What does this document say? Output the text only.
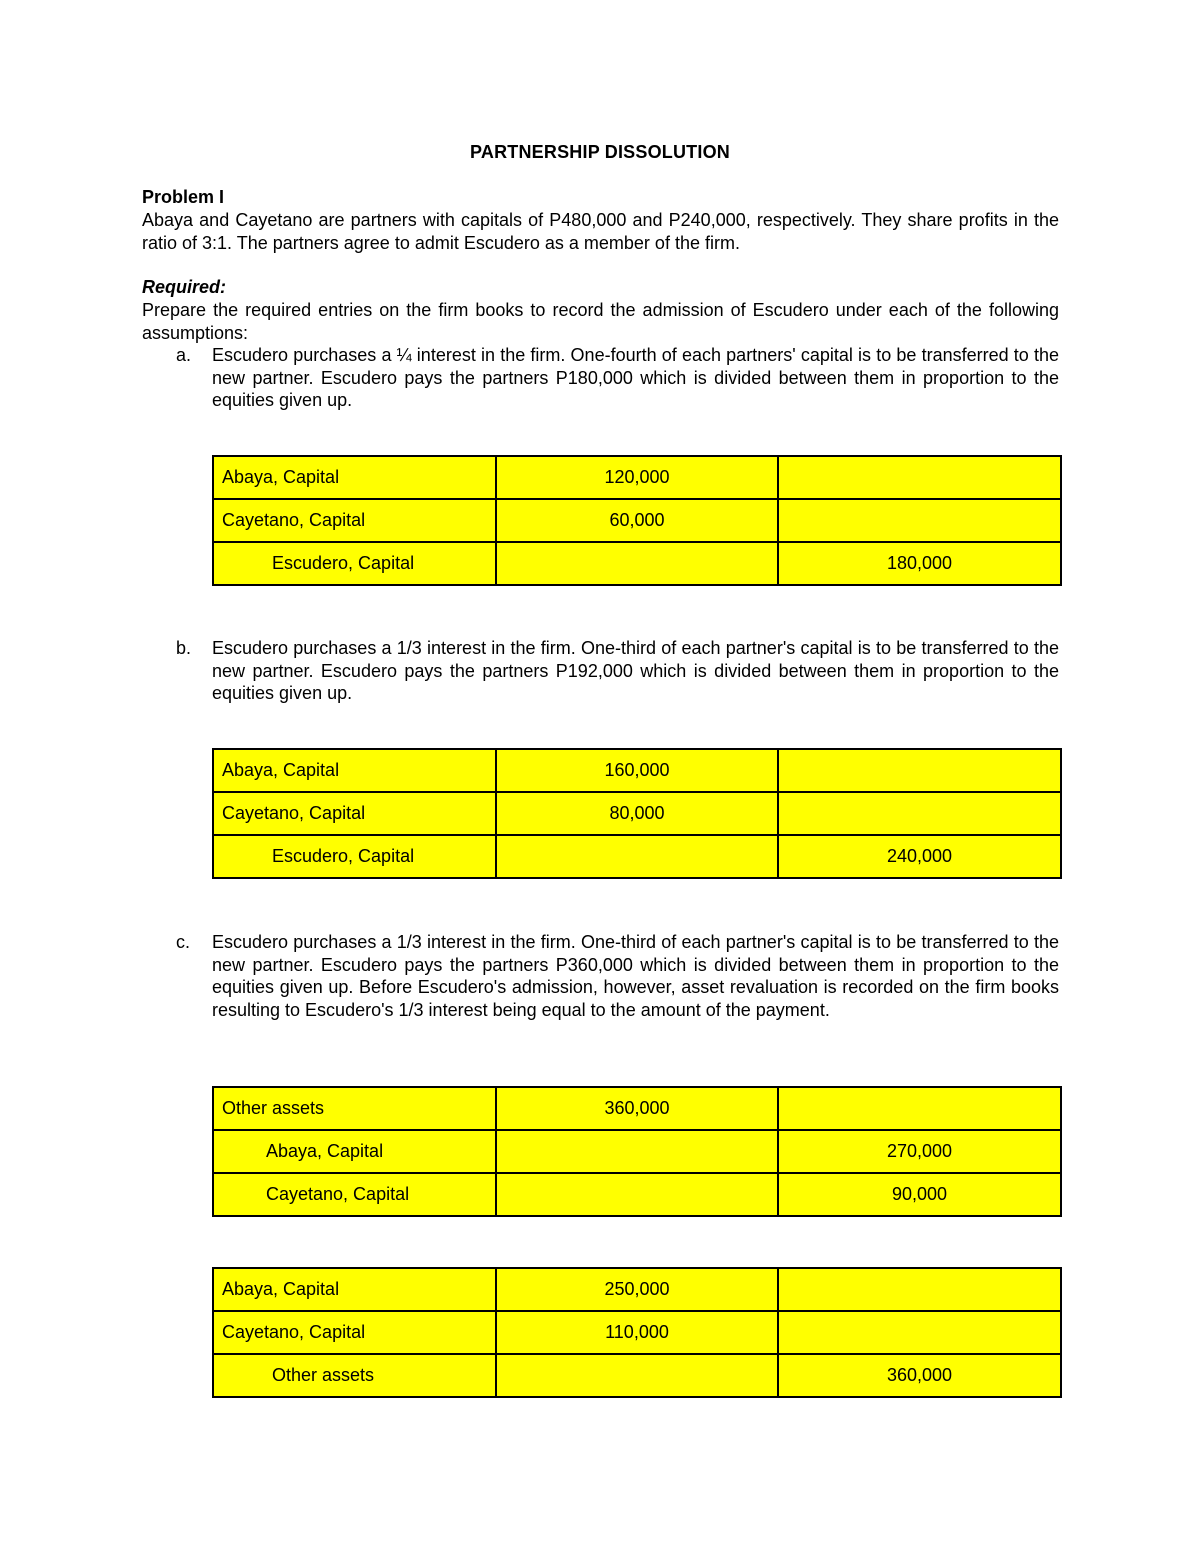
PARTNERSHIP DISSOLUTION
Problem I
Abaya and Cayetano are partners with capitals of P480,000 and P240,000, respectively. They share profits in the ratio of 3:1. The partners agree to admit Escudero as a member of the firm.
Required:
Prepare the required entries on the firm books to record the admission of Escudero under each of the following assumptions:
a. Escudero purchases a ¼ interest in the firm. One-fourth of each partners' capital is to be transferred to the new partner. Escudero pays the partners P180,000 which is divided between them in proportion to the equities given up.
Abaya, Capital	120,000	
Cayetano, Capital	60,000	
Escudero, Capital		180,000
b. Escudero purchases a 1/3 interest in the firm. One-third of each partner's capital is to be transferred to the new partner. Escudero pays the partners P192,000 which is divided between them in proportion to the equities given up.
Abaya, Capital	160,000	
Cayetano, Capital	80,000	
Escudero, Capital		240,000
c. Escudero purchases a 1/3 interest in the firm. One-third of each partner's capital is to be transferred to the new partner. Escudero pays the partners P360,000 which is divided between them in proportion to the equities given up. Before Escudero's admission, however, asset revaluation is recorded on the firm books resulting to Escudero's 1/3 interest being equal to the amount of the payment.
Other assets	360,000	
Abaya, Capital		270,000
Cayetano, Capital		90,000
Abaya, Capital	250,000	
Cayetano, Capital	110,000	
Other assets		360,000
